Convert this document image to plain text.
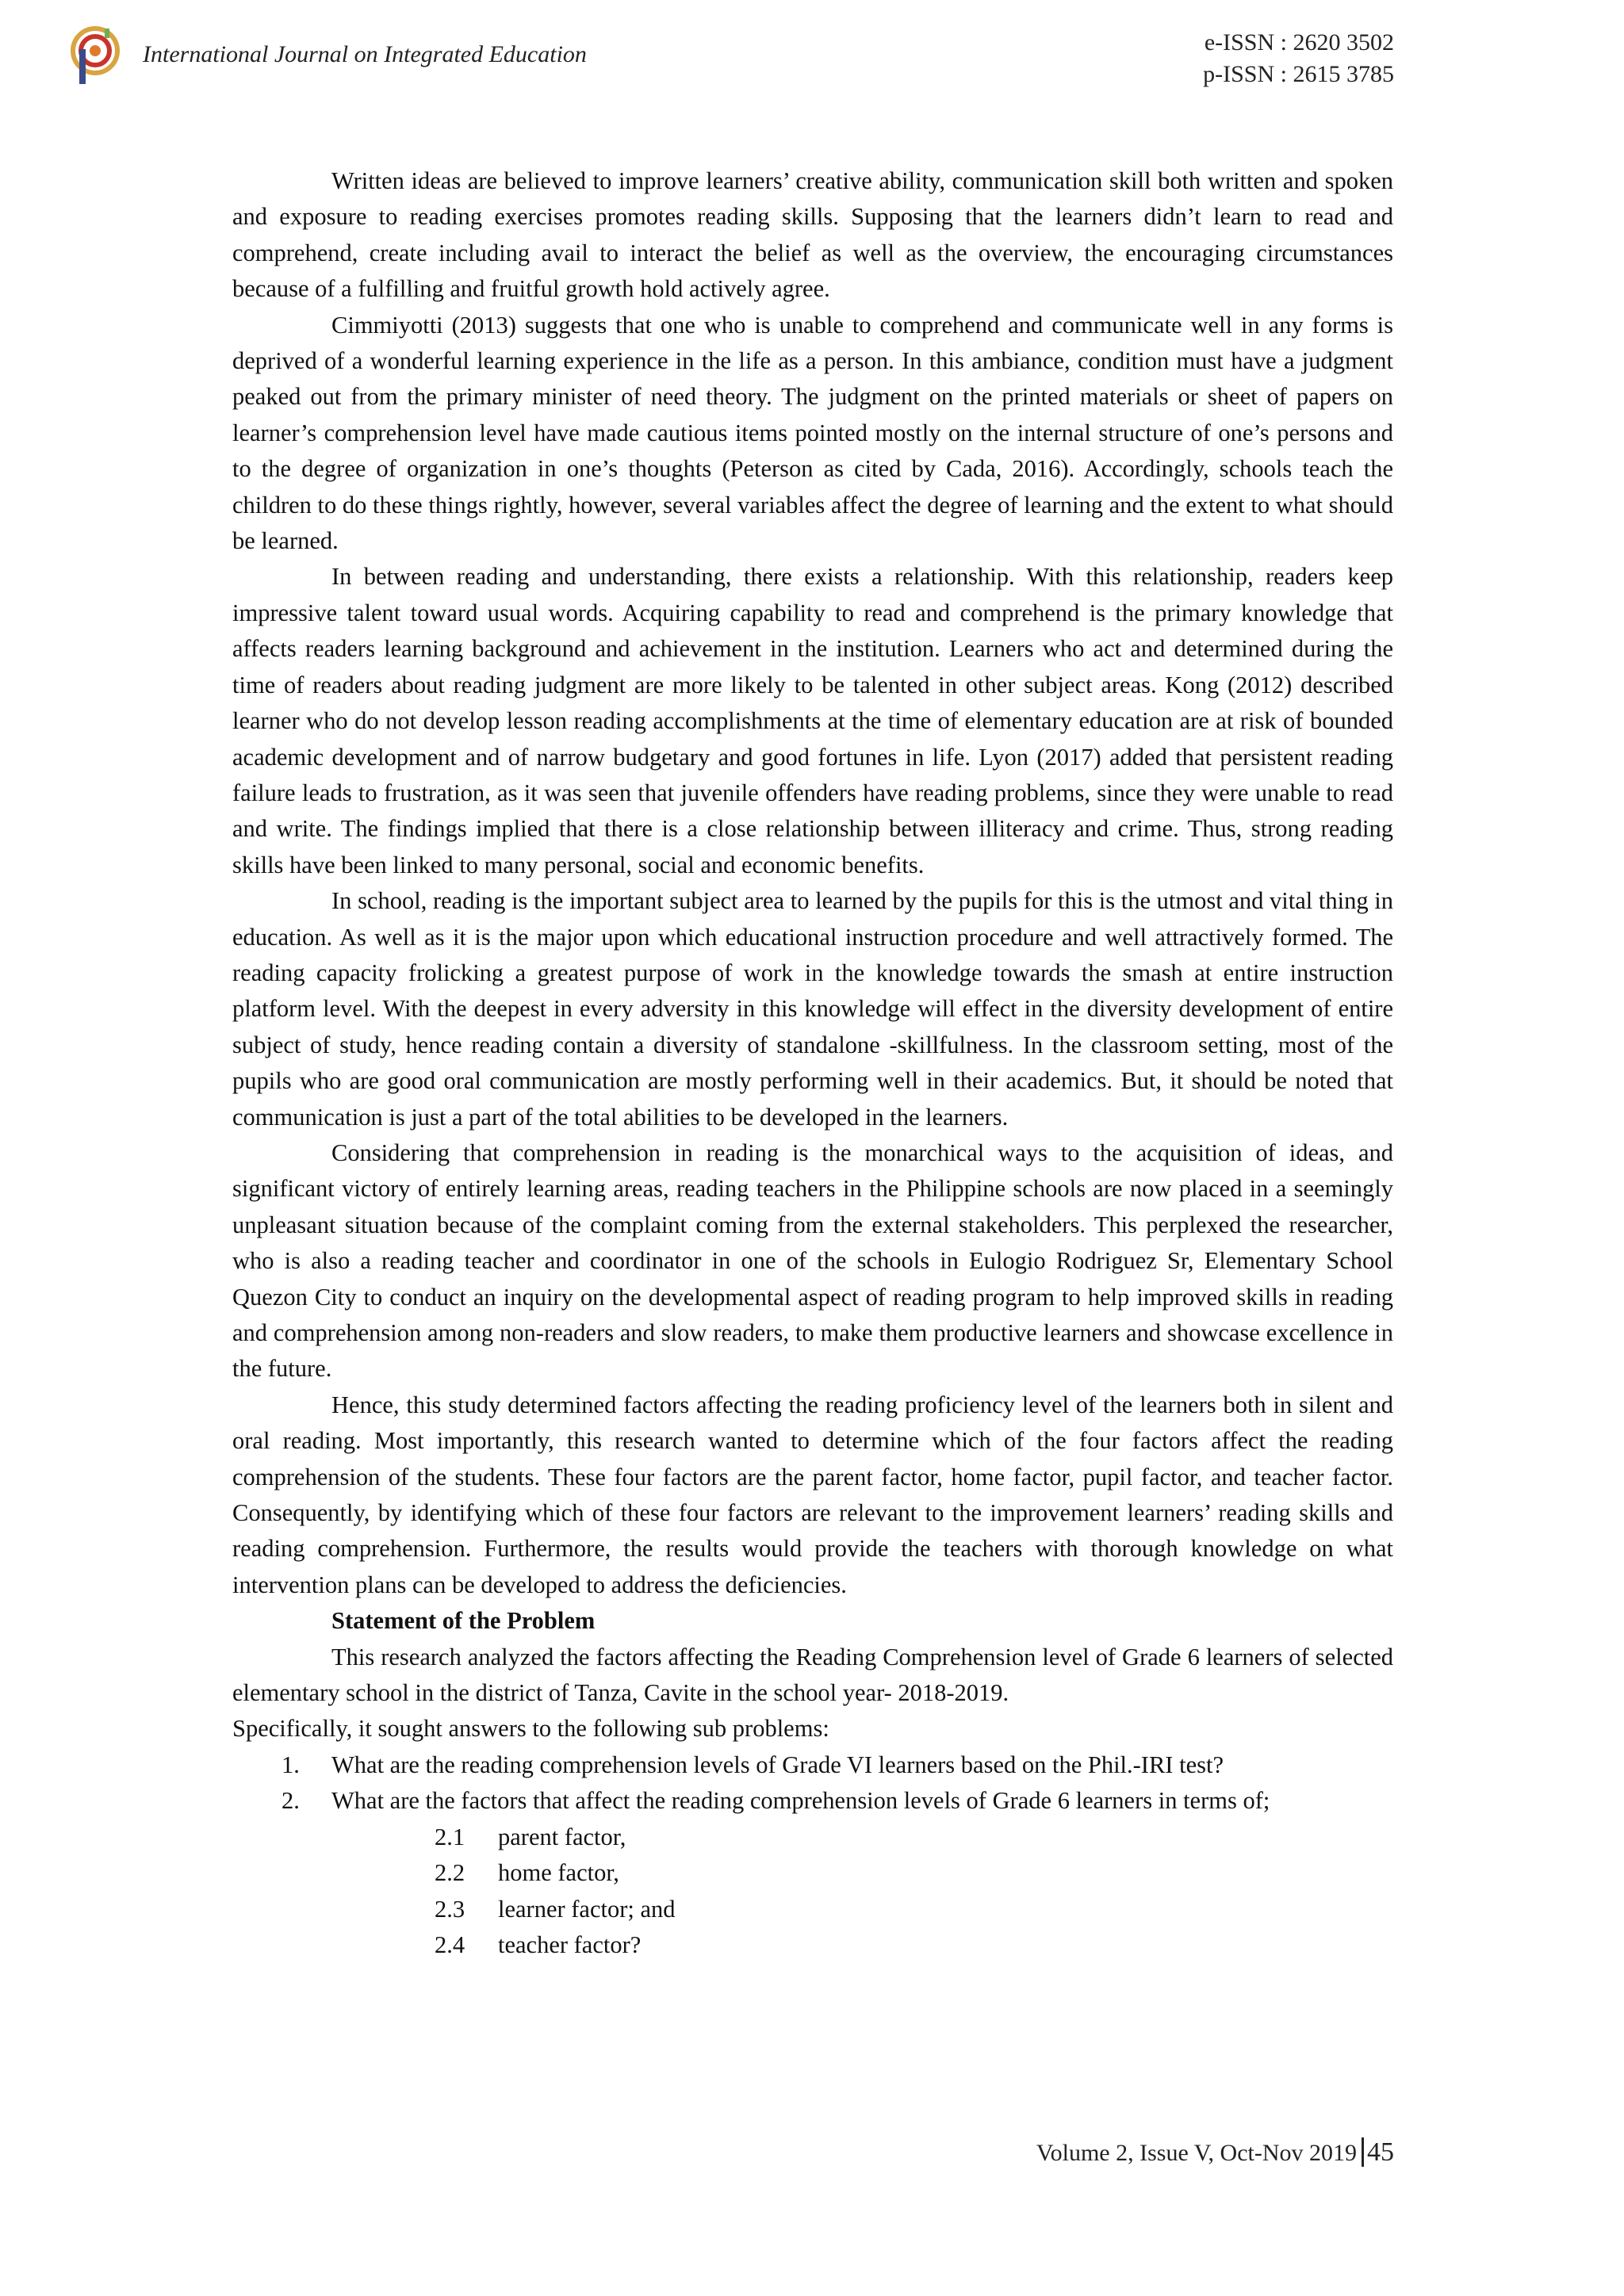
International Journal on Integrated Education	e-ISSN : 2620 3502
p-ISSN : 2615 3785

Written ideas are believed to improve learners’ creative ability, communication skill both written and spoken and exposure to reading exercises promotes reading skills. Supposing that the learners didn’t learn to read and comprehend, create including avail to interact the belief as well as the overview, the encouraging circumstances because of a fulfilling and fruitful growth hold actively agree.

Cimmiyotti (2013) suggests that one who is unable to comprehend and communicate well in any forms is deprived of a wonderful learning experience in the life as a person. In this ambiance, condition must have a judgment peaked out from the primary minister of need theory. The judgment on the printed materials or sheet of papers on learner’s comprehension level have made cautious items pointed mostly on the internal structure of one’s persons and to the degree of organization in one’s thoughts (Peterson as cited by Cada, 2016). Accordingly, schools teach the children to do these things rightly, however, several variables affect the degree of learning and the extent to what should be learned.

In between reading and understanding, there exists a relationship. With this relationship, readers keep impressive talent toward usual words. Acquiring capability to read and comprehend is the primary knowledge that affects readers learning background and achievement in the institution. Learners who act and determined during the time of readers about reading judgment are more likely to be talented in other subject areas. Kong (2012) described learner who do not develop lesson reading accomplishments at the time of elementary education are at risk of bounded academic development and of narrow budgetary and good fortunes in life. Lyon (2017) added that persistent reading failure leads to frustration, as it was seen that juvenile offenders have reading problems, since they were unable to read and write. The findings implied that there is a close relationship between illiteracy and crime. Thus, strong reading skills have been linked to many personal, social and economic benefits.

In school, reading is the important subject area to learned by the pupils for this is the utmost and vital thing in education. As well as it is the major upon which educational instruction procedure and well attractively formed. The reading capacity frolicking a greatest purpose of work in the knowledge towards the smash at entire instruction platform level. With the deepest in every adversity in this knowledge will effect in the diversity development of entire subject of study, hence reading contain a diversity of standalone -skillfulness. In the classroom setting, most of the pupils who are good oral communication are mostly performing well in their academics. But, it should be noted that communication is just a part of the total abilities to be developed in the learners.

Considering that comprehension in reading is the monarchical ways to the acquisition of ideas, and significant victory of entirely learning areas, reading teachers in the Philippine schools are now placed in a seemingly unpleasant situation because of the complaint coming from the external stakeholders. This perplexed the researcher, who is also a reading teacher and coordinator in one of the schools in Eulogio Rodriguez Sr, Elementary School Quezon City to conduct an inquiry on the developmental aspect of reading program to help improved skills in reading and comprehension among non-readers and slow readers, to make them productive learners and showcase excellence in the future.

Hence, this study determined factors affecting the reading proficiency level of the learners both in silent and oral reading. Most importantly, this research wanted to determine which of the four factors affect the reading comprehension of the students. These four factors are the parent factor, home factor, pupil factor, and teacher factor. Consequently, by identifying which of these four factors are relevant to the improvement learners’ reading skills and reading comprehension. Furthermore, the results would provide the teachers with thorough knowledge on what intervention plans can be developed to address the deficiencies.

Statement of the Problem

This research analyzed the factors affecting the Reading Comprehension level of Grade 6 learners of selected elementary school in the district of Tanza, Cavite in the school year- 2018-2019.

Specifically, it sought answers to the following sub problems:

1. What are the reading comprehension levels of Grade VI learners based on the Phil.-IRI test?
2. What are the factors that affect the reading comprehension levels of Grade 6 learners in terms of;
2.1 parent factor,
2.2 home factor,
2.3 learner factor; and
2.4 teacher factor?
Volume 2, Issue V, Oct-Nov 2019 45
